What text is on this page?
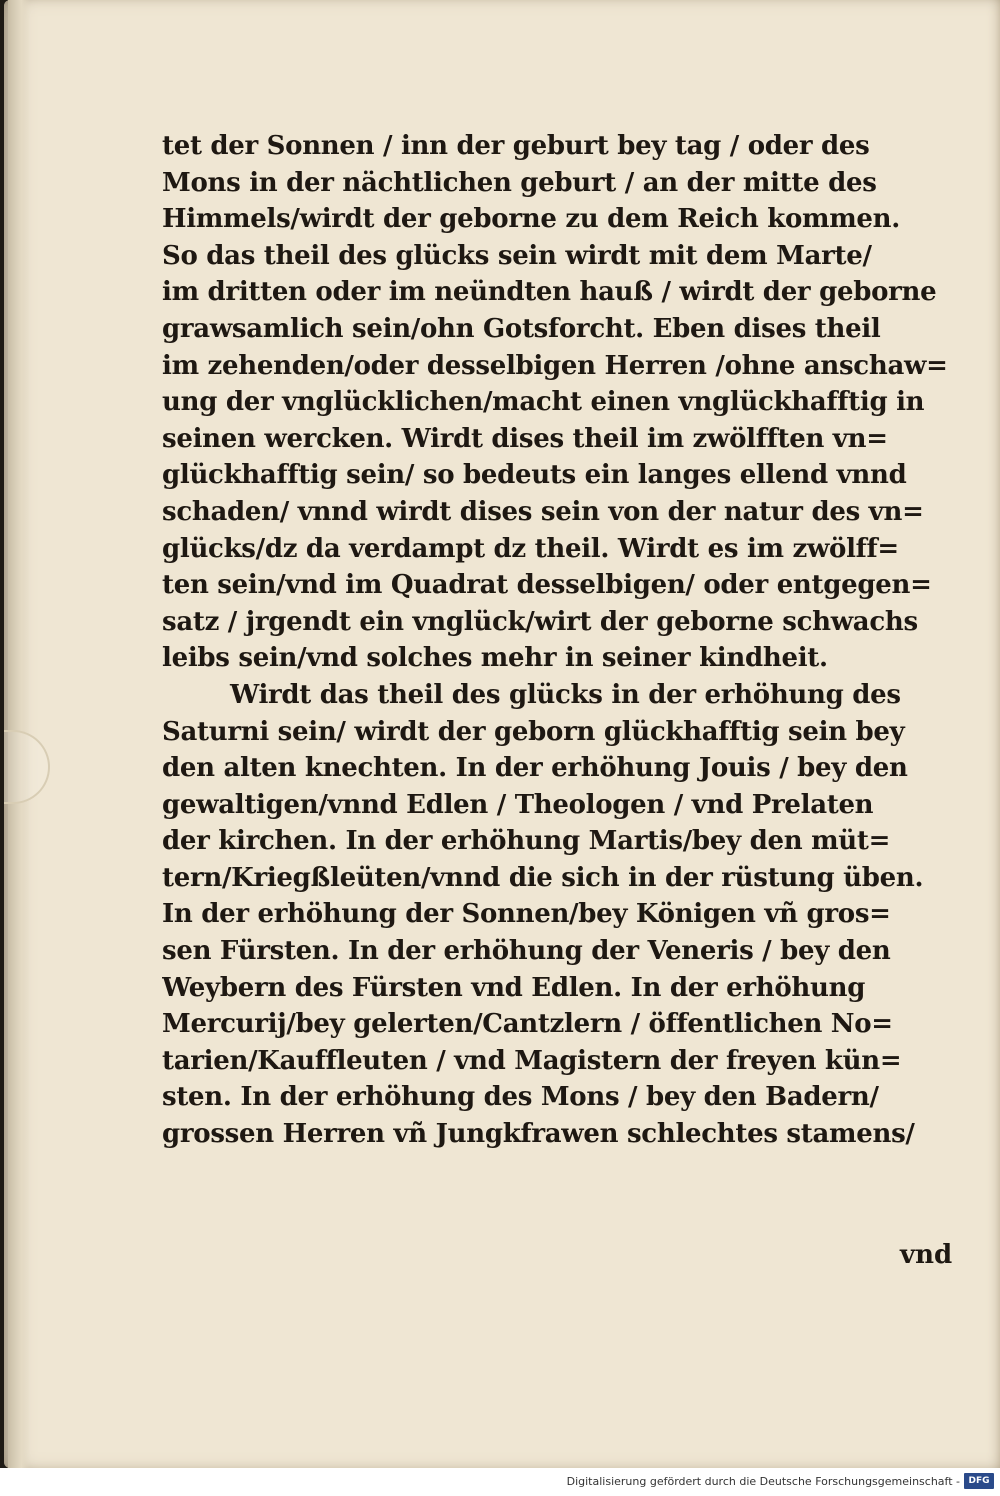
tet der Sonnen / inn der geburt bey tag / oder des
Mons in der nächtlichen geburt / an der mitte des
Himmels/wirdt der geborne zu dem Reich kommen.
So das theil des glücks sein wirdt mit dem Marte/
im dritten oder im neündten hauß / wirdt der geborne
grawsamlich sein/ohn Gotsforcht. Eben dises theil
im zehenden/oder desselbigen Herren /ohne anschaw=
ung der vnglücklichen/macht einen vnglückhafftig in
seinen wercken. Wirdt dises theil im zwölfften vn=
glückhafftig sein/ so bedeuts ein langes ellend vnnd
schaden/ vnnd wirdt dises sein von der natur des vn=
glücks/dz da verdampt dz theil. Wirdt es im zwölff=
ten sein/vnd im Quadrat desselbigen/ oder entgegen=
satz / jrgendt ein vnglück/wirt der geborne schwachs
leibs sein/vnd solches mehr in seiner kindheit.
Wirdt das theil des glücks in der erhöhung des
Saturni sein/ wirdt der geborn glückhafftig sein bey
den alten knechten. In der erhöhung Jouis / bey den
gewaltigen/vnnd Edlen / Theologen / vnd Prelaten
der kirchen. In der erhöhung Martis/bey den müt=
tern/Kriegßleüten/vnnd die sich in der rüstung üben.
In der erhöhung der Sonnen/bey Königen vñ gros=
sen Fürsten. In der erhöhung der Veneris / bey den
Weybern des Fürsten vnd Edlen. In der erhöhung
Mercurij/bey gelerten/Cantzlern / öffentlichen No=
tarien/Kauffleuten / vnd Magistern der freyen kün=
sten. In der erhöhung des Mons / bey den Badern/
grossen Herren vñ Jungkfrawen schlechtes stamens/
vnd
Digitalisierung gefördert durch die Deutsche Forschungsgemeinschaft - DFG
